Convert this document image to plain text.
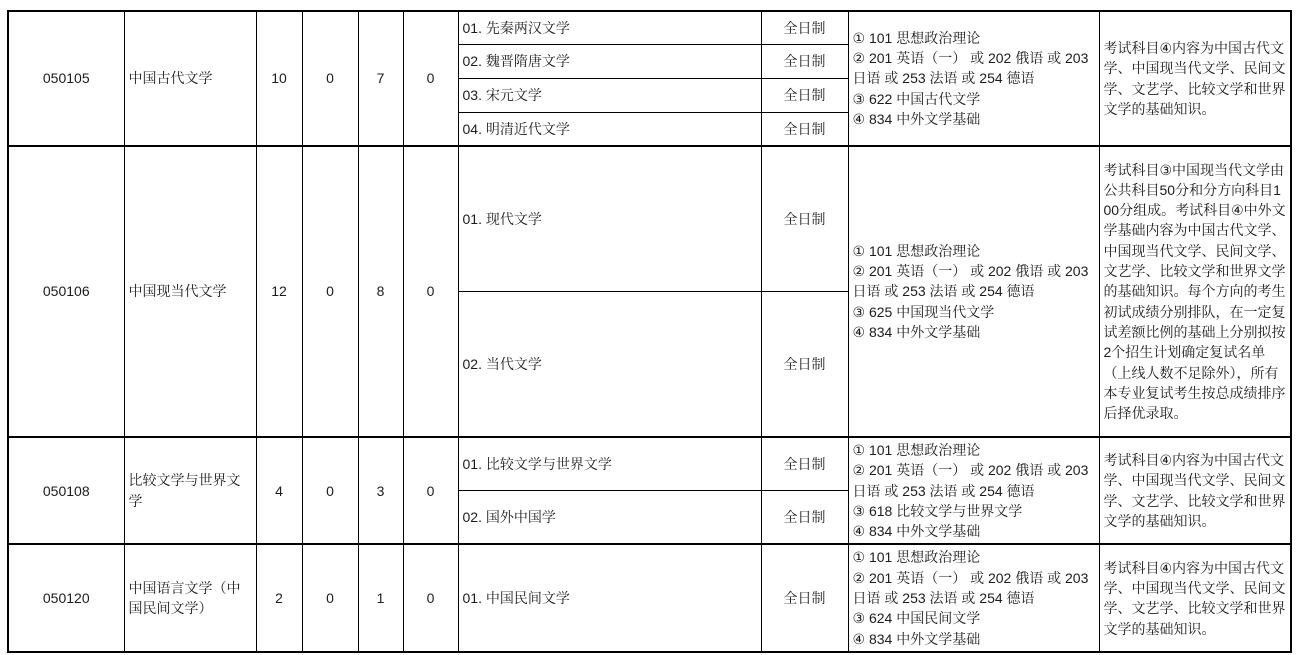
050105	中国古代文学	10	0	7	0	01. 先秦两汉文学	全日制	① 101 思想政治理论
② 201 英语（一） 或 202 俄语 或 203 日语 或 253 法语 或 254 德语
③ 622 中国古代文学
④ 834 中外文学基础	考试科目④内容为中国古代文学、中国现当代文学、民间文学、文艺学、比较文学和世界文学的基础知识。
						02. 魏晋隋唐文学	全日制		
						03. 宋元文学	全日制		
						04. 明清近代文学	全日制		
050106	中国现当代文学	12	0	8	0	01. 现代文学	全日制	① 101 思想政治理论
② 201 英语（一） 或 202 俄语 或 203 日语 或 253 法语 或 254 德语
③ 625 中国现当代文学
④ 834 中外文学基础	考试科目③中国现当代文学由公共科目50分和分方向科目100分组成。考试科目④中外文学基础内容为中国古代文学、中国现当代文学、民间文学、文艺学、比较文学和世界文学的基础知识。每个方向的考生初试成绩分别排队，在一定复试差额比例的基础上分别拟按2个招生计划确定复试名单（上线人数不足除外），所有本专业复试考生按总成绩排序后择优录取。
						02. 当代文学	全日制		
050108	比较文学与世界文学	4	0	3	0	01. 比较文学与世界文学	全日制	① 101 思想政治理论
② 201 英语（一） 或 202 俄语 或 203 日语 或 253 法语 或 254 德语
③ 618 比较文学与世界文学
④ 834 中外文学基础	考试科目④内容为中国古代文学、中国现当代文学、民间文学、文艺学、比较文学和世界文学的基础知识。
						02. 国外中国学	全日制		
050120	中国语言文学（中国民间文学）	2	0	1	0	01. 中国民间文学	全日制	① 101 思想政治理论
② 201 英语（一） 或 202 俄语 或 203 日语 或 253 法语 或 254 德语
③ 624 中国民间文学
④ 834 中外文学基础	考试科目④内容为中国古代文学、中国现当代文学、民间文学、文艺学、比较文学和世界文学的基础知识。
